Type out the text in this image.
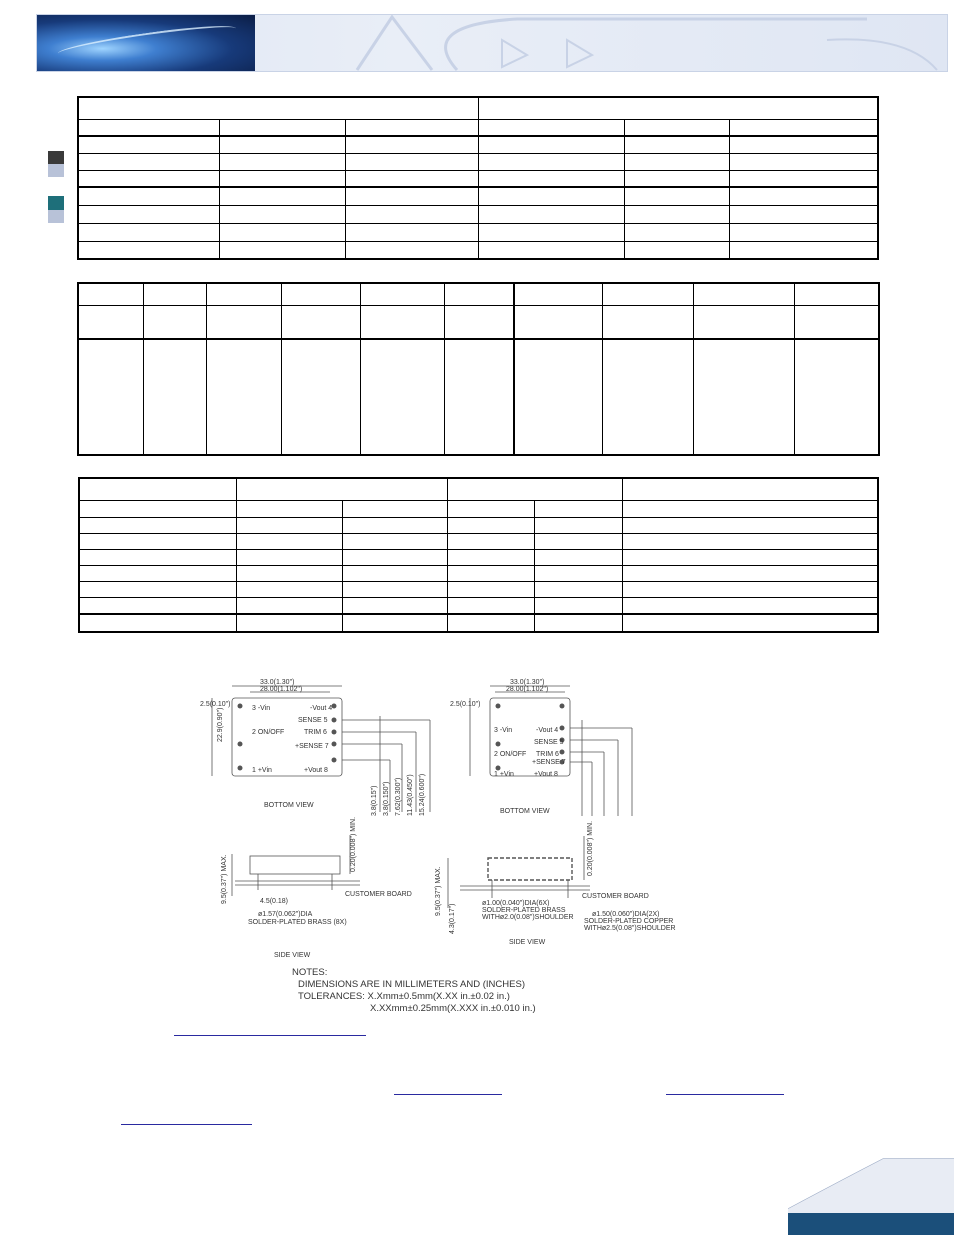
33.0(1.30")
28.00(1.102")
2.5(0.10")
3 -Vin	-Vout 4
SENSE 5
2 ON/OFF	TRIM 6
+SENSE 7
1 +Vin	+Vout 8
BOTTOM VIEW
22.9(0.90")
3.8(0.15") 3.8(0.150") 7.62(0.300") 11.43(0.450") 15.24(0.600")
33.0(1.30")
28.00(1.102")
2.5(0.10")
3 -Vin	-Vout 4
SENSE 5
2 ON/OFF TRIM 6
+SENSE 7
1 +Vin	+Vout 8
BOTTOM VIEW
9.5(0.37") MAX.
0.20(0.008") MIN.
CUSTOMER BOARD
4.5(0.18)
ø1.57(0.062")DIA
SOLDER-PLATED BRASS (8X)
SIDE VIEW
9.5(0.37") MAX.
4.3(0.17")
0.20(0.008") MIN.
CUSTOMER BOARD
ø1.00(0.040")DIA(6X)
SOLDER-PLATED BRASS
WITHø2.0(0.08")SHOULDER	ø1.50(0.060")DIA(2X)
SOLDER-PLATED COPPER
WITHø2.5(0.08")SHOULDER
SIDE VIEW
NOTES:
DIMENSIONS ARE IN MILLIMETERS AND (INCHES)
TOLERANCES: X.Xmm±0.5mm(X.XX in.±0.02 in.)
X.XXmm±0.25mm(X.XXX in.±0.010 in.)
